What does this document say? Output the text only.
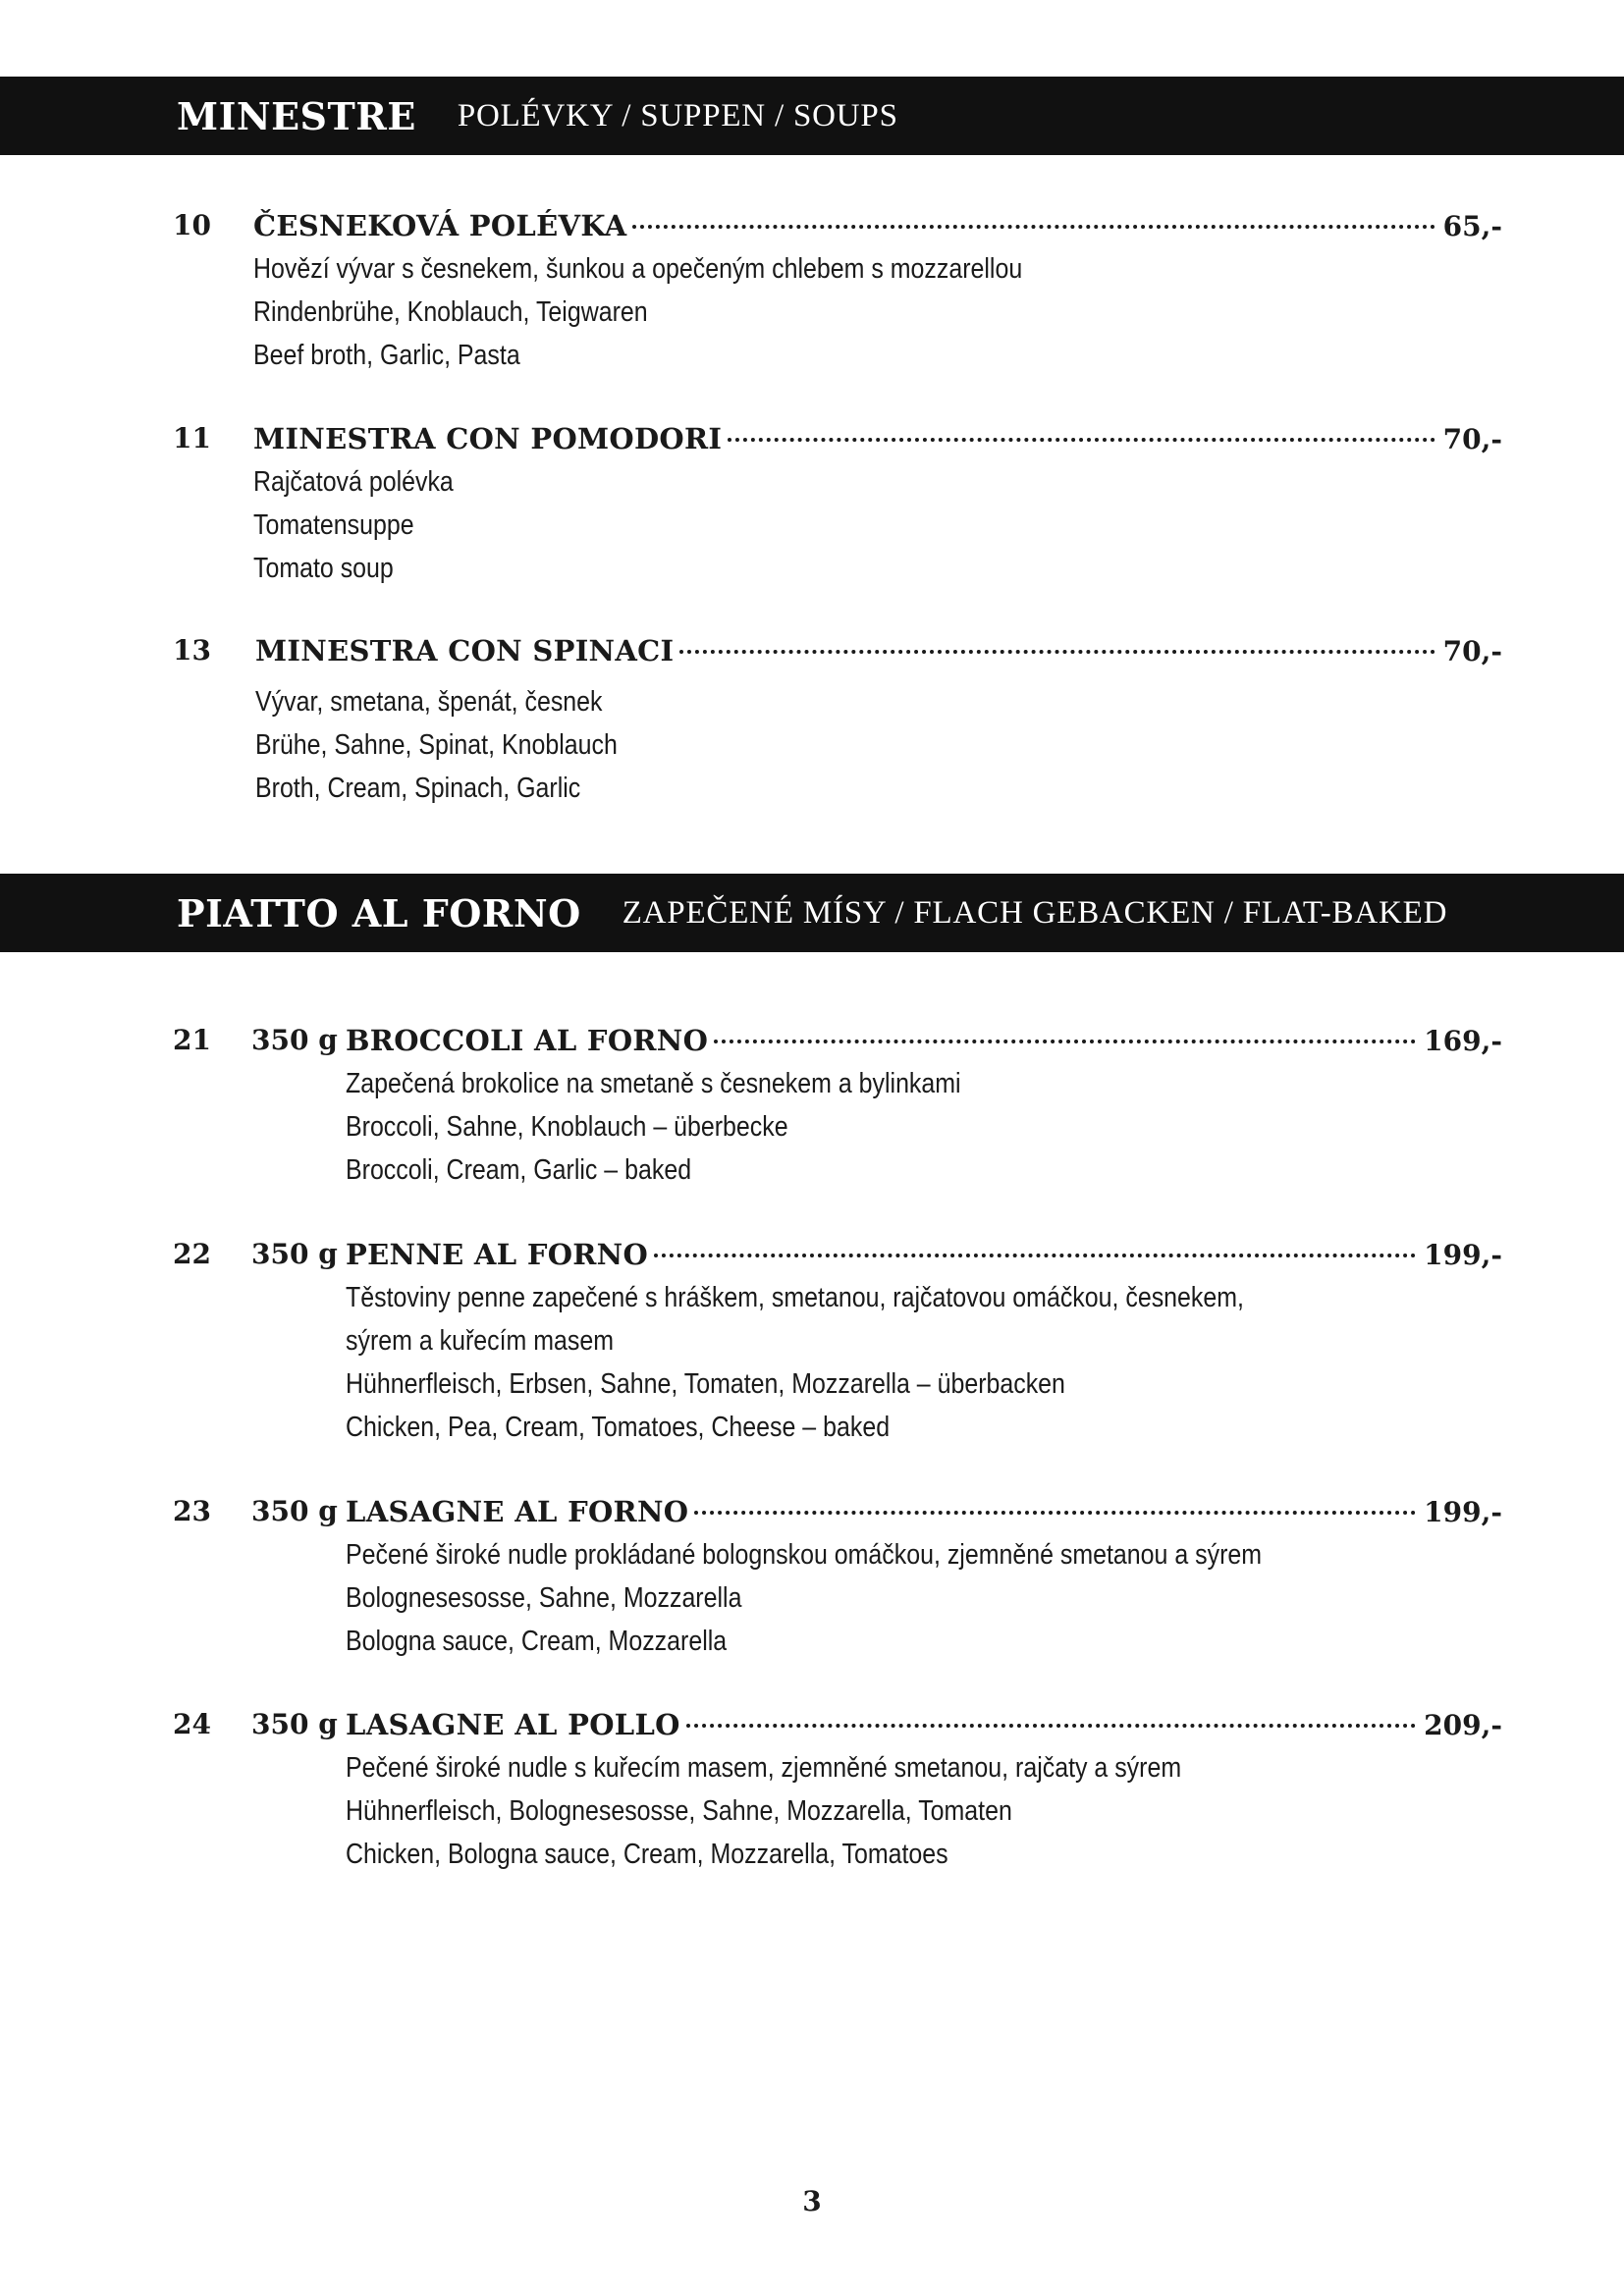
MINESTRE POLÉVKY / SUPPEN / SOUPS
10 ČESNEKOVÁ POLÉVKA	65,-
Hovězí vývar s česnekem, šunkou a opečeným chlebem s mozzarellou
Rindenbrühe, Knoblauch, Teigwaren
Beef broth, Garlic, Pasta
11 MINESTRA CON POMODORI	70,-
Rajčatová polévka
Tomatensuppe
Tomato soup
13 MINESTRA CON SPINACI	70,-
Vývar, smetana, špenát, česnek
Brühe, Sahne, Spinat, Knoblauch
Broth, Cream, Spinach, Garlic
PIATTO AL FORNO ZAPEČENÉ MÍSY / FLACH GEBACKEN / FLAT-BAKED
21 350 g BROCCOLI AL FORNO	169,-
Zapečená brokolice na smetaně s česnekem a bylinkami
Broccoli, Sahne, Knoblauch – überbecke
Broccoli, Cream, Garlic – baked
22 350 g PENNE AL FORNO	199,-
Těstoviny penne zapečené s hráškem, smetanou, rajčatovou omáčkou, česnekem,
sýrem a kuřecím masem
Hühnerfleisch, Erbsen, Sahne, Tomaten, Mozzarella – überbacken
Chicken, Pea, Cream, Tomatoes, Cheese – baked
23 350 g LASAGNE AL FORNO	199,-
Pečené široké nudle prokládané bolognskou omáčkou, zjemněné smetanou a sýrem
Bolognesesosse, Sahne, Mozzarella
Bologna sauce, Cream, Mozzarella
24 350 g LASAGNE AL POLLO	209,-
Pečené široké nudle s kuřecím masem, zjemněné smetanou, rajčaty a sýrem
Hühnerfleisch, Bolognesesosse, Sahne, Mozzarella, Tomaten
Chicken, Bologna sauce, Cream, Mozzarella, Tomatoes
3
